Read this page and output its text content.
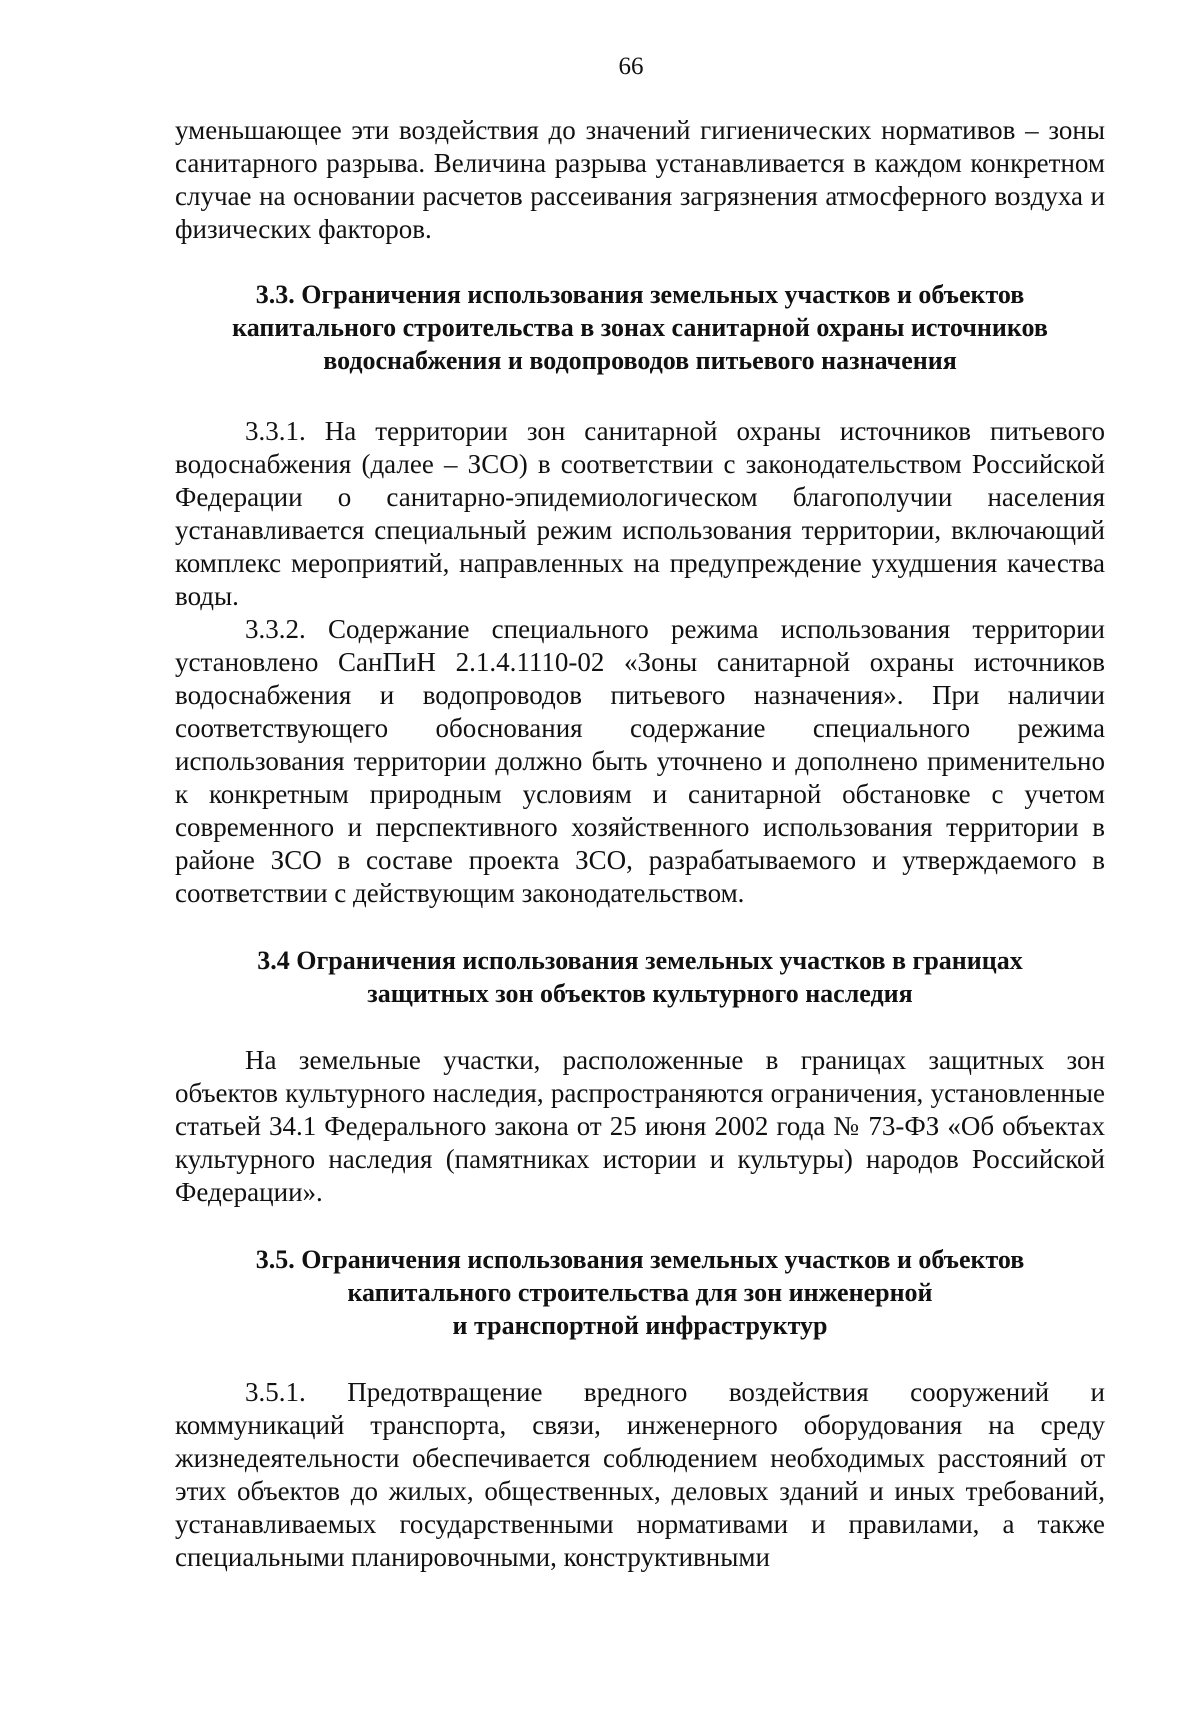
66

уменьшающее эти воздействия до значений гигиенических нормативов – зоны санитарного разрыва. Величина разрыва устанавливается в каждом конкретном случае на основании расчетов рассеивания загрязнения атмосферного воздуха и физических факторов.

3.3. Ограничения использования земельных участков и объектов
капитального строительства в зонах санитарной охраны источников
водоснабжения и водопроводов питьевого назначения

3.3.1. На территории зон санитарной охраны источников питьевого водоснабжения (далее – ЗСО) в соответствии с законодательством Российской Федерации о санитарно-эпидемиологическом благополучии населения устанавливается специальный режим использования территории, включающий комплекс мероприятий, направленных на предупреждение ухудшения качества воды.

3.3.2. Содержание специального режима использования территории установлено СанПиН 2.1.4.1110-02 «Зоны санитарной охраны источников водоснабжения и водопроводов питьевого назначения». При наличии соответствующего обоснования содержание специального режима использования территории должно быть уточнено и дополнено применительно к конкретным природным условиям и санитарной обстановке с учетом современного и перспективного хозяйственного использования территории в районе ЗСО в составе проекта ЗСО, разрабатываемого и утверждаемого в соответствии с действующим законодательством.

3.4 Ограничения использования земельных участков в границах
защитных зон объектов культурного наследия

На земельные участки, расположенные в границах защитных зон объектов культурного наследия, распространяются ограничения, установленные статьей 34.1 Федерального закона от 25 июня 2002 года № 73-ФЗ «Об объектах культурного наследия (памятниках истории и культуры) народов Российской Федерации».

3.5. Ограничения использования земельных участков и объектов
капитального строительства для зон инженерной
и транспортной инфраструктур

3.5.1. Предотвращение вредного воздействия сооружений и коммуникаций транспорта, связи, инженерного оборудования на среду жизнедеятельности обеспечивается соблюдением необходимых расстояний от этих объектов до жилых, общественных, деловых зданий и иных требований, устанавливаемых государственными нормативами и правилами, а также специальными планировочными, конструктивными
